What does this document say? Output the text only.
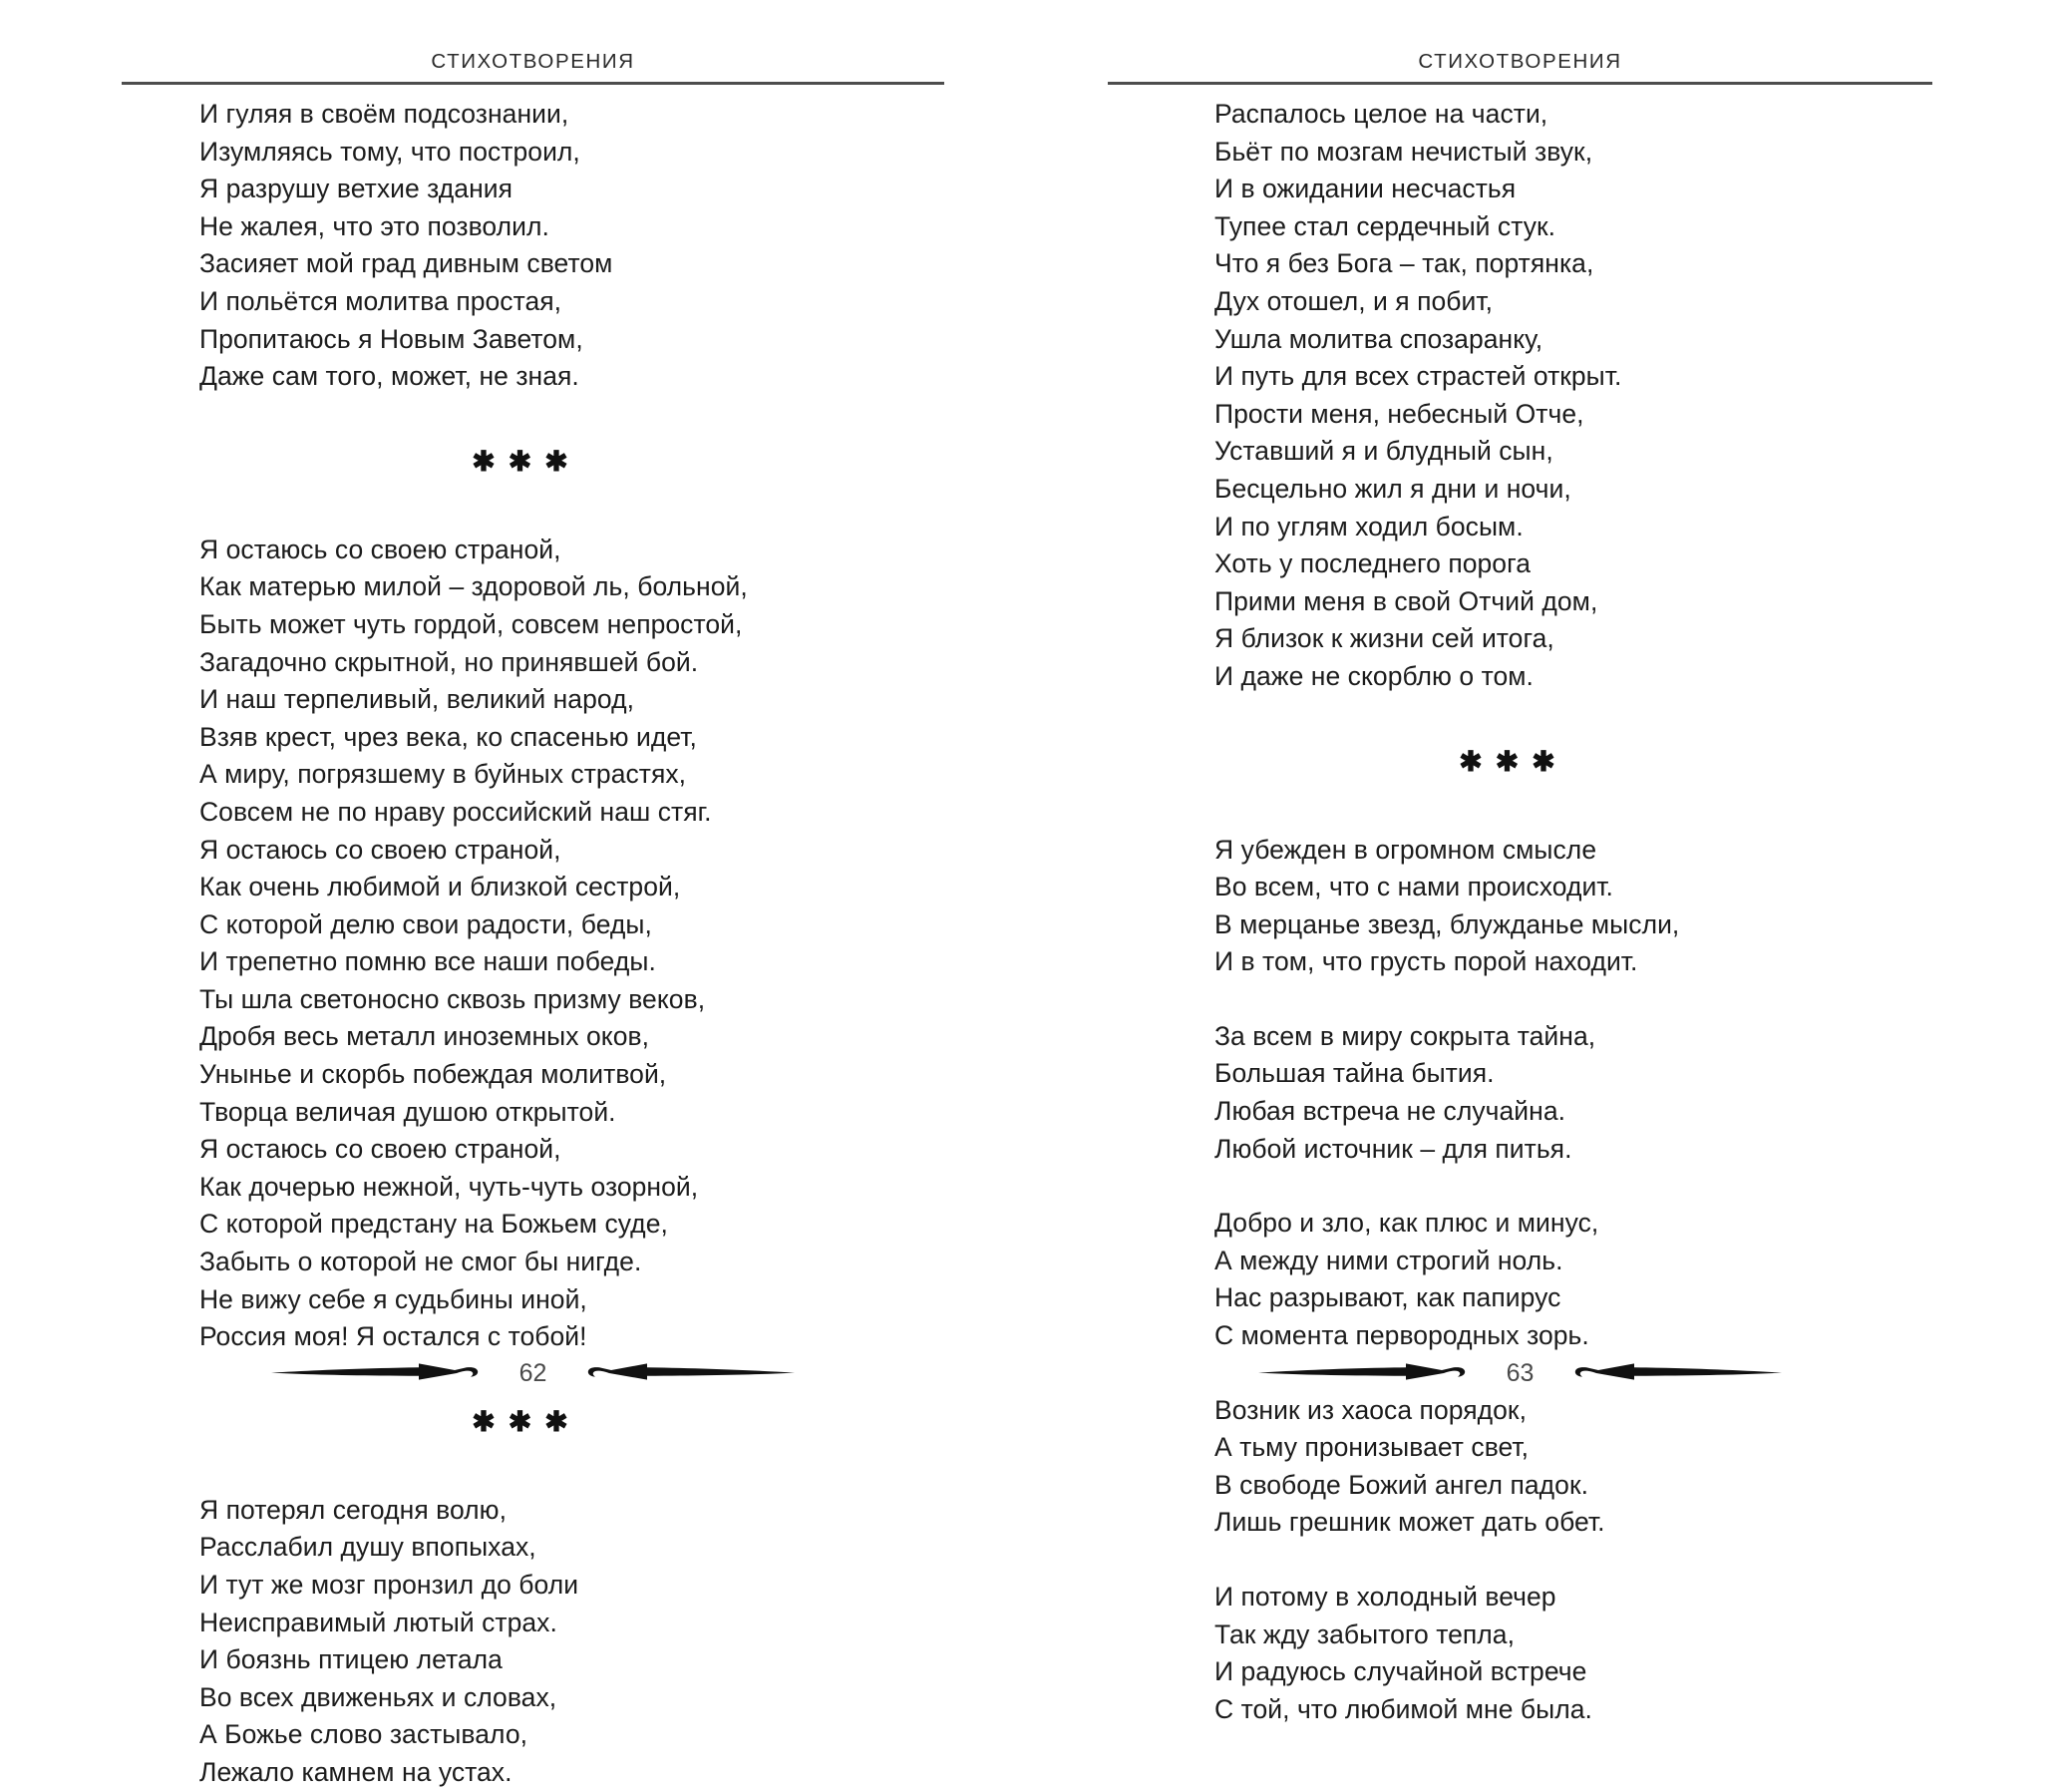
СТИХОТВОРЕНИЯ
И гуляя в своём подсознании,
Изумляясь тому, что построил,
Я разрушу ветхие здания
Не жалея, что это позволил.
Засияет мой град дивным светом
И польётся молитва простая,
Пропитаюсь я Новым Заветом,
Даже сам того, может, не зная.
✱✱✱
Я остаюсь со своею страной,
Как матерью милой – здоровой ль, больной,
Быть может чуть гордой, совсем непростой,
Загадочно скрытной, но принявшей бой.
И наш терпеливый, великий народ,
Взяв крест, чрез века, ко спасенью идет,
А миру, погрязшему в буйных страстях,
Совсем не по нраву российский наш стяг.
Я остаюсь со своею страной,
Как очень любимой и близкой сестрой,
С которой делю свои радости, беды,
И трепетно помню все наши победы.
Ты шла светоносно сквозь призму веков,
Дробя весь металл иноземных оков,
Унынье и скорбь побеждая молитвой,
Творца величая душою открытой.
Я остаюсь со своею страной,
Как дочерью нежной, чуть-чуть озорной,
С которой предстану на Божьем суде,
Забыть о которой не смог бы нигде.
Не вижу себе я судьбины иной,
Россия моя! Я остался с тобой!
✱✱✱
Я потерял сегодня волю,
Расслабил душу впопыхах,
И тут же мозг пронзил до боли
Неисправимый лютый страх.
И боязнь птицею летала
Во всех движеньях и словах,
А Божье слово застывало,
Лежало камнем на устах.
62
СТИХОТВОРЕНИЯ
Распалось целое на части,
Бьёт по мозгам нечистый звук,
И в ожидании несчастья
Тупее стал сердечный стук.
Что я без Бога – так, портянка,
Дух отошел, и я побит,
Ушла молитва спозаранку,
И путь для всех страстей открыт.
Прости меня, небесный Отче,
Уставший я и блудный сын,
Бесцельно жил я дни и ночи,
И по углям ходил босым.
Хоть у последнего порога
Прими меня в свой Отчий дом,
Я близок к жизни сей итога,
И даже не скорблю о том.
✱✱✱
Я убежден в огромном смысле
Во всем, что с нами происходит.
В мерцанье звезд, блужданье мысли,
И в том, что грусть порой находит.
За всем в миру сокрыта тайна,
Большая тайна бытия.
Любая встреча не случайна.
Любой источник – для питья.
Добро и зло, как плюс и минус,
А между ними строгий ноль.
Нас разрывают, как папирус
С момента первородных зорь.
Возник из хаоса порядок,
А тьму пронизывает свет,
В свободе Божий ангел падок.
Лишь грешник может дать обет.
И потому в холодный вечер
Так жду забытого тепла,
И радуюсь случайной встрече
С той, что любимой мне была.
63
